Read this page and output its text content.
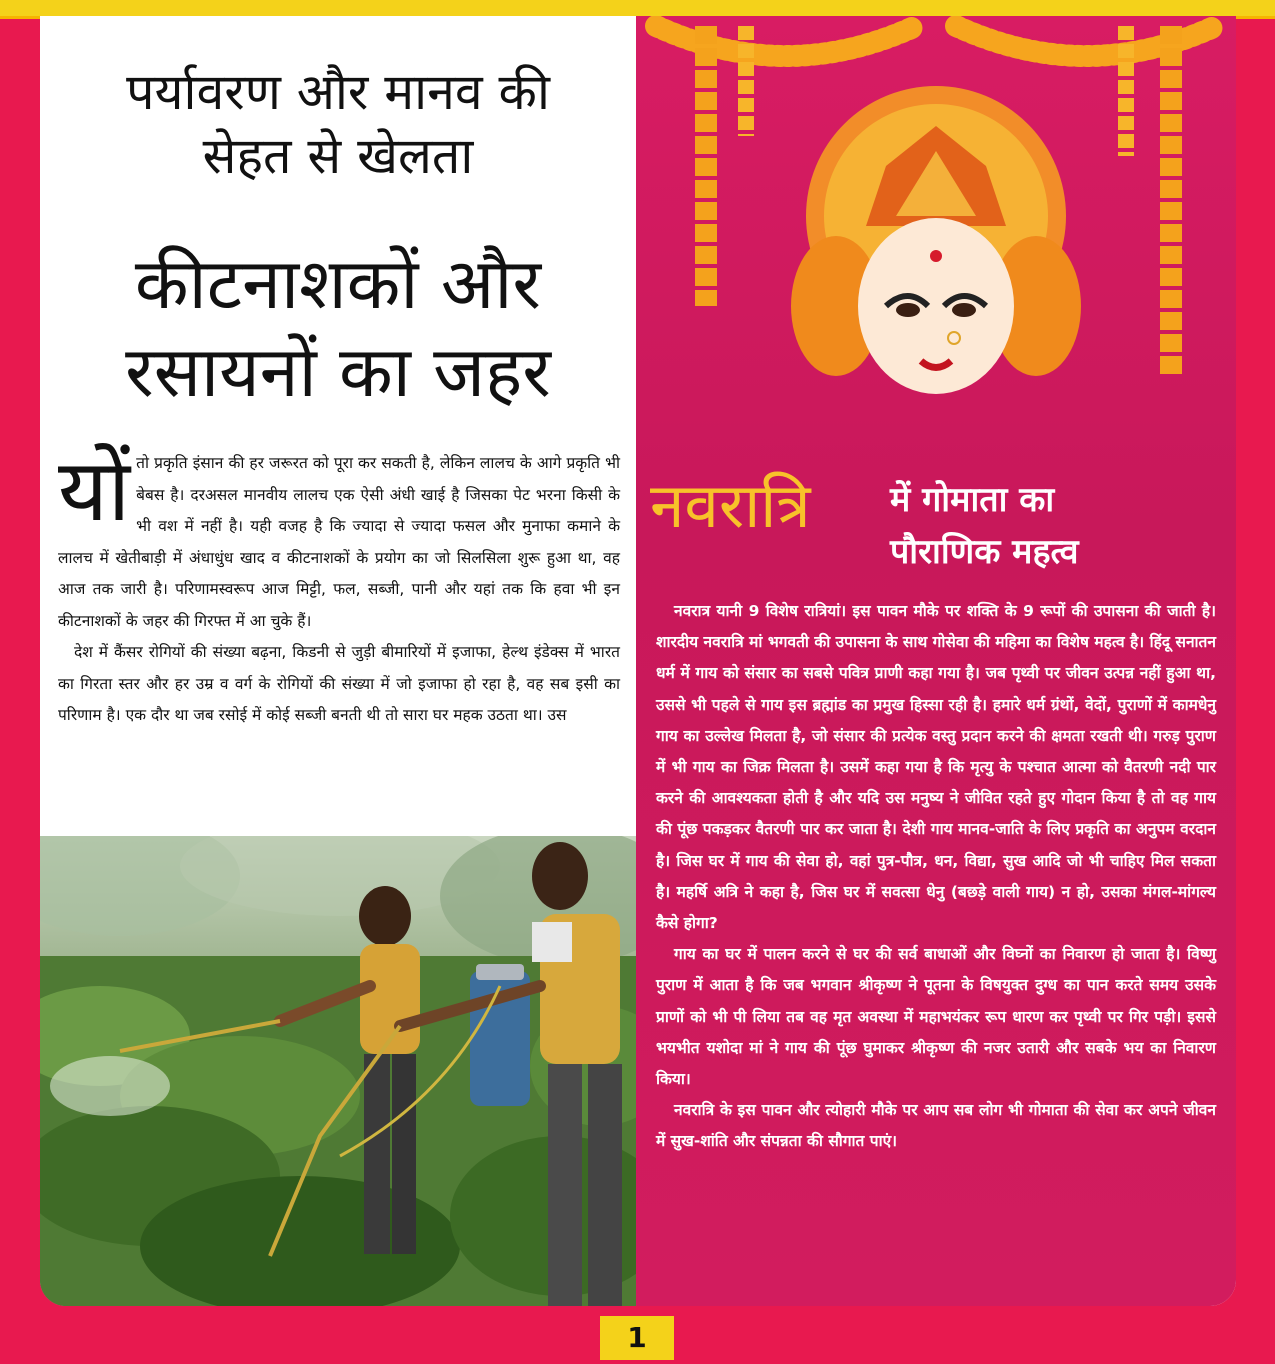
पर्यावरण और मानव की
सेहत से खेलता
कीटनाशकों और
रसायनों का जहर

योंतो प्रकृति इंसान की हर जरूरत को पूरा कर सकती है, लेकिन लालच के आगे प्रकृति भी बेबस है। दरअसल मानवीय लालच एक ऐसी अंधी खाई है जिसका पेट भरना किसी के भी वश में नहीं है। यही वजह है कि ज्यादा से ज्यादा फसल और मुनाफा कमाने के लालच में खेतीबाड़ी में अंधाधुंध खाद व कीटनाशकों के प्रयोग का जो सिलसिला शुरू हुआ था, वह आज तक जारी है। परिणामस्वरूप आज मिट्टी, फल, सब्जी, पानी और यहां तक कि हवा भी इन कीटनाशकों के जहर की गिरफ्त में आ चुके हैं।

देश में कैंसर रोगियों की संख्या बढ़ना, किडनी से जुड़ी बीमारियों में इजाफा, हेल्थ इंडेक्स में भारत का गिरता स्तर और हर उम्र व वर्ग के रोगियों की संख्या में जो इजाफा हो रहा है, वह सब इसी का परिणाम है। एक दौर था जब रसोई में कोई सब्जी बनती थी तो सारा घर महक उठता था। उस

नवरात्रि में गोमाता का
पौराणिक महत्व

नवरात्र यानी 9 विशेष रात्रियां। इस पावन मौके पर शक्ति के 9 रूपों की उपासना की जाती है। शारदीय नवरात्रि मां भगवती की उपासना के साथ गोसेवा की महिमा का विशेष महत्व है। हिंदू सनातन धर्म में गाय को संसार का सबसे पवित्र प्राणी कहा गया है। जब पृथ्वी पर जीवन उत्पन्न नहीं हुआ था, उससे भी पहले से गाय इस ब्रह्मांड का प्रमुख हिस्सा रही है। हमारे धर्म ग्रंथों, वेदों, पुराणों में कामधेनु गाय का उल्लेख मिलता है, जो संसार की प्रत्येक वस्तु प्रदान करने की क्षमता रखती थी। गरुड़ पुराण में भी गाय का जिक्र मिलता है। उसमें कहा गया है कि मृत्यु के पश्चात आत्मा को वैतरणी नदी पार करने की आवश्यकता होती है और यदि उस मनुष्य ने जीवित रहते हुए गोदान किया है तो वह गाय की पूंछ पकड़कर वैतरणी पार कर जाता है। देशी गाय मानव-जाति के लिए प्रकृति का अनुपम वरदान है। जिस घर में गाय की सेवा हो, वहां पुत्र-पौत्र, धन, विद्या, सुख आदि जो भी चाहिए मिल सकता है। महर्षि अत्रि ने कहा है, जिस घर में सवत्सा धेनु (बछड़े वाली गाय) न हो, उसका मंगल-मांगल्य कैसे होगा?

गाय का घर में पालन करने से घर की सर्व बाधाओं और विघ्नों का निवारण हो जाता है। विष्णु पुराण में आता है कि जब भगवान श्रीकृष्ण ने पूतना के विषयुक्त दुग्ध का पान करते समय उसके प्राणों को भी पी लिया तब वह मृत अवस्था में महाभयंकर रूप धारण कर पृथ्वी पर गिर पड़ी। इससे भयभीत यशोदा मां ने गाय की पूंछ घुमाकर श्रीकृष्ण की नजर उतारी और सबके भय का निवारण किया।

नवरात्रि के इस पावन और त्योहारी मौके पर आप सब लोग भी गोमाता की सेवा कर अपने जीवन में सुख-शांति और संपन्नता की सौगात पाएं।

1
